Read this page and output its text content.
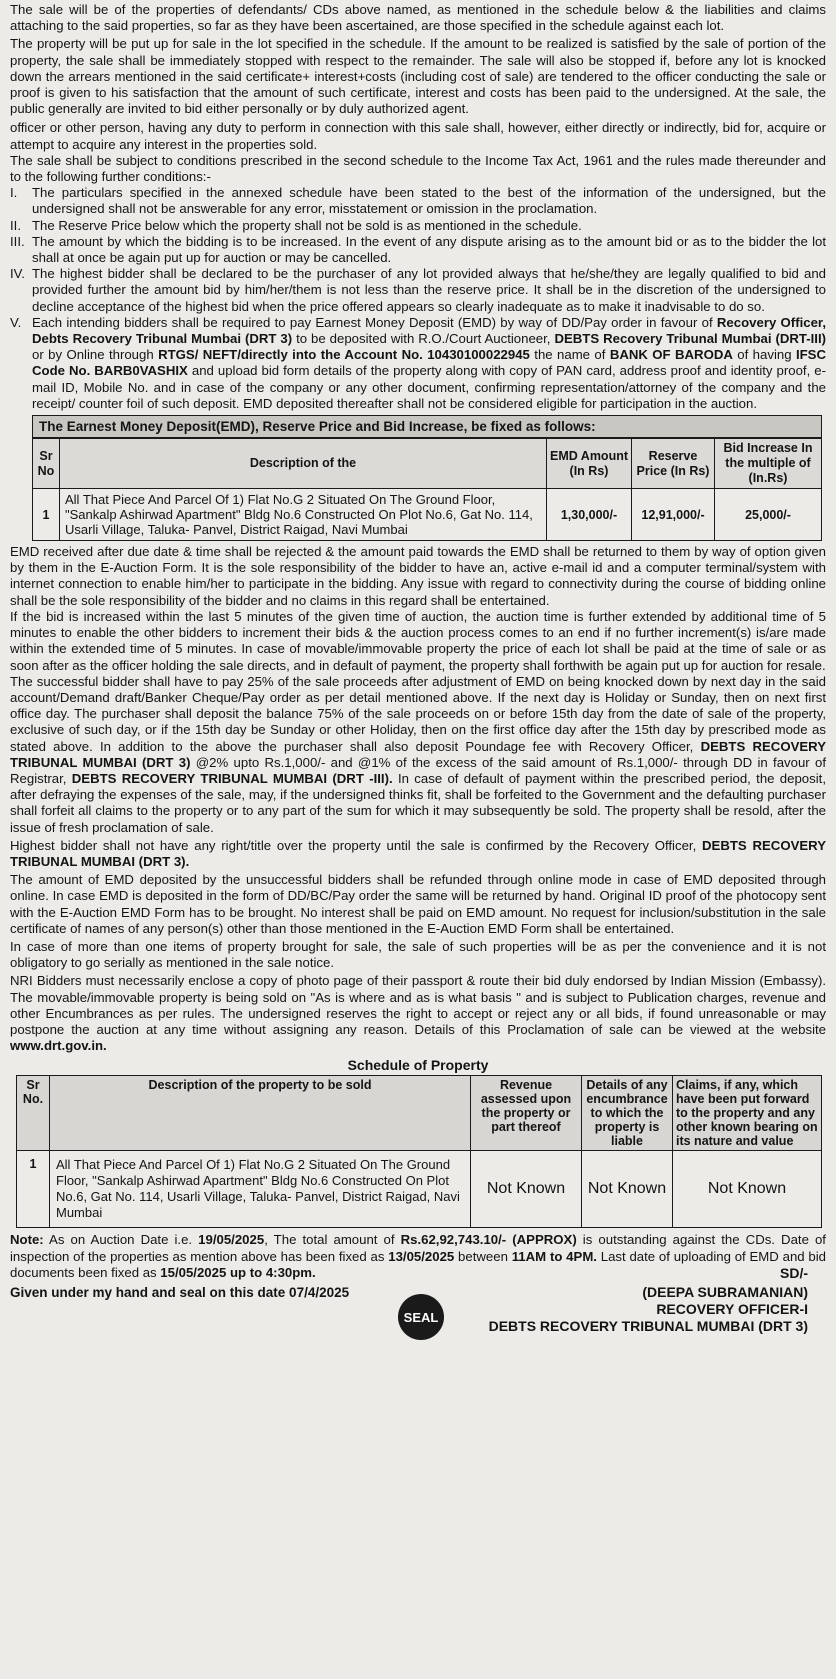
The sale will be of the properties of defendants/ CDs above named, as mentioned in the schedule below & the liabilities and claims attaching to the said properties, so far as they have been ascertained, are those specified in the schedule against each lot.

The property will be put up for sale in the lot specified in the schedule. If the amount to be realized is satisfied by the sale of portion of the property, the sale shall be immediately stopped with respect to the remainder. The sale will also be stopped if, before any lot is knocked down the arrears mentioned in the said certificate+ interest+costs (including cost of sale) are tendered to the officer conducting the sale or proof is given to his satisfaction that the amount of such certificate, interest and costs has been paid to the undersigned. At the sale, the public generally are invited to bid either personally or by duly authorized agent.

officer or other person, having any duty to perform in connection with this sale shall, however, either directly or indirectly, bid for, acquire or attempt to acquire any interest in the properties sold.

The sale shall be subject to conditions prescribed in the second schedule to the Income Tax Act, 1961 and the rules made thereunder and to the following further conditions:-

I.	The particulars specified in the annexed schedule have been stated to the best of the information of the undersigned, but the undersigned shall not be answerable for any error, misstatement or omission in the proclamation.
II. The Reserve Price below which the property shall not be sold is as mentioned in the schedule.
III. The amount by which the bidding is to be increased. In the event of any dispute arising as to the amount bid or as to the bidder the lot shall at once be again put up for auction or may be cancelled.
IV. The highest bidder shall be declared to be the purchaser of any lot provided always that he/she/they are legally qualified to bid and provided further the amount bid by him/her/them is not less than the reserve price. It shall be in the discretion of the undersigned to decline acceptance of the highest bid when the price offered appears so clearly inadequate as to make it inadvisable to do so.
V. Each intending bidders shall be required to pay Earnest Money Deposit (EMD) by way of DD/Pay order in favour of Recovery Officer, Debts Recovery Tribunal Mumbai (DRT 3) to be deposited with R.O./Court Auctioneer, DEBTS Recovery Tribunal Mumbai (DRT-III) or by Online through RTGS/ NEFT/directly into the Account No. 10430100022945 the name of BANK OF BARODA of having IFSC Code No. BARB0VASHIX and upload bid form details of the property along with copy of PAN card, address proof and identity proof, e-mail ID, Mobile No. and in case of the company or any other document, confirming representation/attorney of the company and the receipt/ counter foil of such deposit. EMD deposited thereafter shall not be considered eligible for participation in the auction.
The Earnest Money Deposit(EMD), Reserve Price and Bid Increase, be fixed as follows:
Sr No	Description of the	EMD Amount (In Rs)	Reserve Price (In Rs)	Bid Increase In the multiple of (In.Rs)
1	All That Piece And Parcel Of 1) Flat No.G 2 Situated On The Ground Floor, "Sankalp Ashirwad Apartment" Bldg No.6 Constructed On Plot No.6, Gat No. 114, Usarli Village, Taluka- Panvel, District Raigad, Navi Mumbai	1,30,000/-	12,91,000/-	25,000/-

EMD received after due date & time shall be rejected & the amount paid towards the EMD shall be returned to them by way of option given by them in the E-Auction Form. It is the sole responsibility of the bidder to have an, active e-mail id and a computer terminal/system with internet connection to enable him/her to participate in the bidding. Any issue with regard to connectivity during the course of bidding online shall be the sole responsibility of the bidder and no claims in this regard shall be entertained.

If the bid is increased within the last 5 minutes of the given time of auction, the auction time is further extended by additional time of 5 minutes to enable the other bidders to increment their bids & the auction process comes to an end if no further increment(s) is/are made within the extended time of 5 minutes. In case of movable/immovable property the price of each lot shall be paid at the time of sale or as soon after as the officer holding the sale directs, and in default of payment, the property shall forthwith be again put up for auction for resale.

The successful bidder shall have to pay 25% of the sale proceeds after adjustment of EMD on being knocked down by next day in the said account/Demand draft/Banker Cheque/Pay order as per detail mentioned above. If the next day is Holiday or Sunday, then on next first office day. The purchaser shall deposit the balance 75% of the sale proceeds on or before 15th day from the date of sale of the property, exclusive of such day, or if the 15th day be Sunday or other Holiday, then on the first office day after the 15th day by prescribed mode as stated above. In addition to the above the purchaser shall also deposit Poundage fee with Recovery Officer, DEBTS RECOVERY TRIBUNAL MUMBAI (DRT 3) @2% upto Rs.1,000/- and @1% of the excess of the said amount of Rs.1,000/- through DD in favour of Registrar, DEBTS RECOVERY TRIBUNAL MUMBAI (DRT -III). In case of default of payment within the prescribed period, the deposit, after defraying the expenses of the sale, may, if the undersigned thinks fit, shall be forfeited to the Government and the defaulting purchaser shall forfeit all claims to the property or to any part of the sum for which it may subsequently be sold. The property shall be resold, after the issue of fresh proclamation of sale.

Highest bidder shall not have any right/title over the property until the sale is confirmed by the Recovery Officer, DEBTS RECOVERY TRIBUNAL MUMBAI (DRT 3).

The amount of EMD deposited by the unsuccessful bidders shall be refunded through online mode in case of EMD deposited through online. In case EMD is deposited in the form of DD/BC/Pay order the same will be returned by hand. Original ID proof of the photocopy sent with the E-Auction EMD Form has to be brought. No interest shall be paid on EMD amount. No request for inclusion/substitution in the sale certificate of names of any person(s) other than those mentioned in the E-Auction EMD Form shall be entertained.

In case of more than one items of property brought for sale, the sale of such properties will be as per the convenience and it is not obligatory to go serially as mentioned in the sale notice.

NRI Bidders must necessarily enclose a copy of photo page of their passport & route their bid duly endorsed by Indian Mission (Embassy). The movable/immovable property is being sold on "As is where and as is what basis " and is subject to Publication charges, revenue and other Encumbrances as per rules. The undersigned reserves the right to accept or reject any or all bids, if found unreasonable or may postpone the auction at any time without assigning any reason. Details of this Proclamation of sale can be viewed at the website www.drt.gov.in.

Schedule of Property
Sr No.	Description of the property to be sold	Revenue assessed upon the property or part thereof	Details of any encumbrance to which the property is liable	Claims, if any, which have been put forward to the property and any other known bearing on its nature and value
1	All That Piece And Parcel Of 1) Flat No.G 2 Situated On The Ground Floor, "Sankalp Ashirwad Apartment" Bldg No.6 Constructed On Plot No.6, Gat No. 114, Usarli Village, Taluka- Panvel, District Raigad, Navi Mumbai	Not Known	Not Known	Not Known

Note: As on Auction Date i.e. 19/05/2025, The total amount of Rs.62,92,743.10/- (APPROX) is outstanding against the CDs. Date of inspection of the properties as mention above has been fixed as 13/05/2025 between 11AM to 4PM. Last date of uploading of EMD and bid documents been fixed as 15/05/2025 up to 4:30pm.	SD/-
Given under my hand and seal on this date 07/4/2025
SEAL
(DEEPA SUBRAMANIAN)
RECOVERY OFFICER-I
DEBTS RECOVERY TRIBUNAL MUMBAI (DRT 3)
